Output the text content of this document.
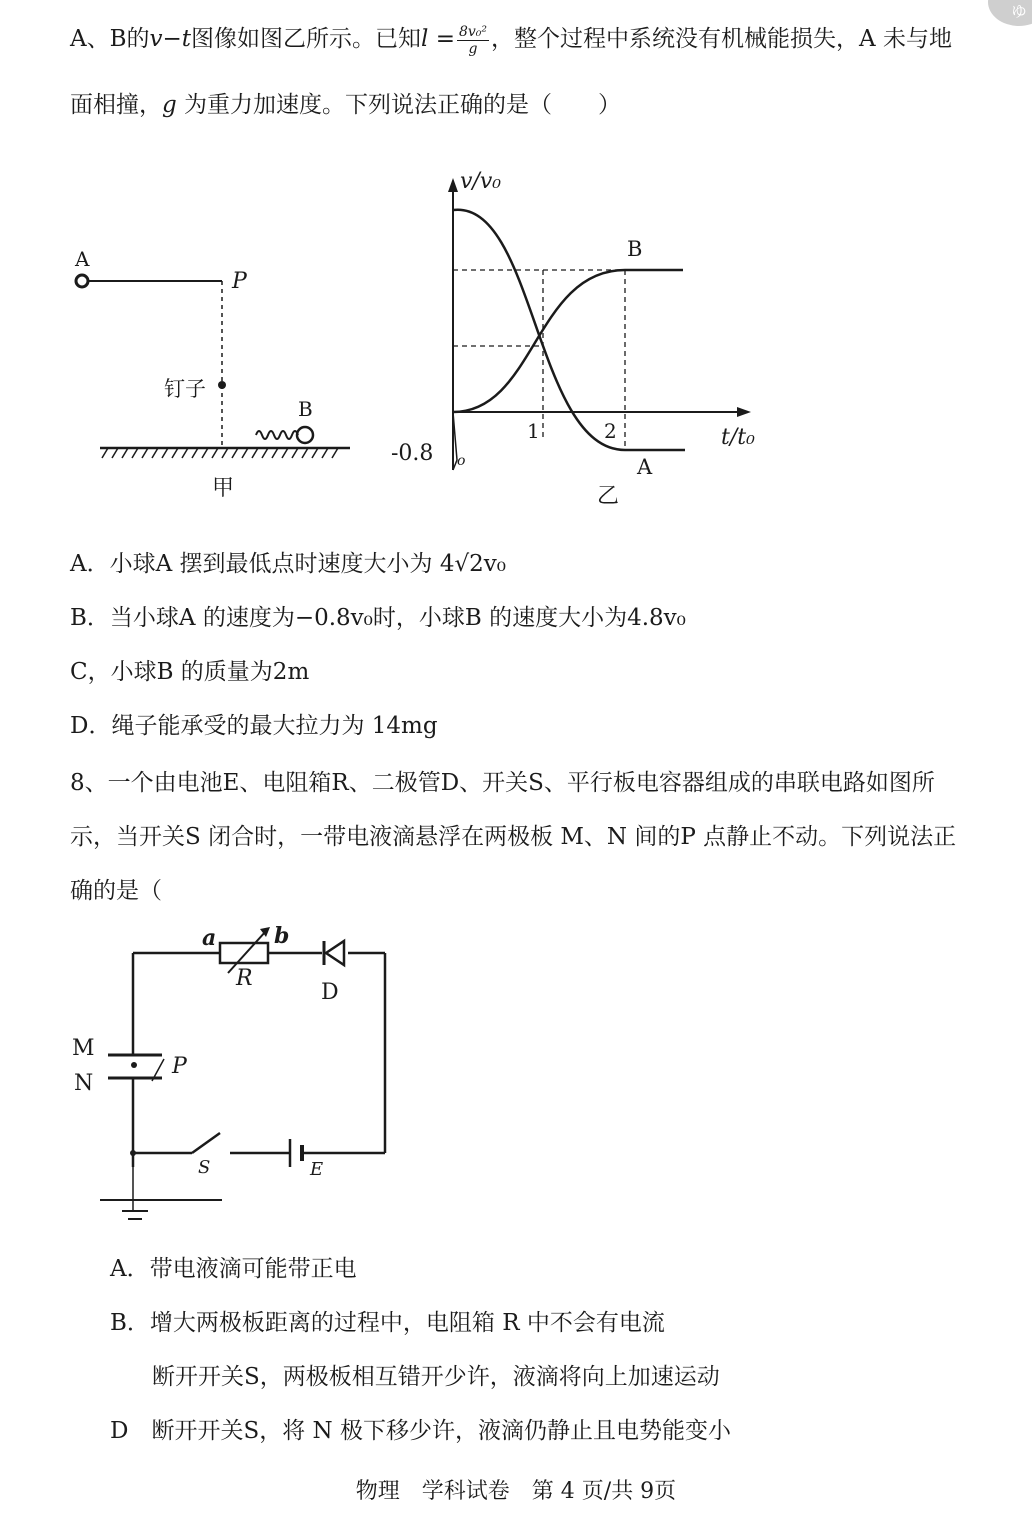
ゅ
A、B的v−t图像如图乙所示。已知$l = \frac{\text{8v₀²}}{g}$ ，整个过程中系统没有机械能损失，A 未与地
面相撞，g 为重力加速度。下列说法正确的是（　　）
A
P
钉子
B
甲
v/v₀
t/t₀
1	2
-0.8 o
B
A
乙
A．小球A 摆到最低点时速度大小为 4√2v₀
B．当小球A 的速度为−0.8v₀时，小球B 的速度大小为4.8v₀
C，小球B 的质量为2m
D．绳子能承受的最大拉力为 14mg
8、一个由电池E、电阻箱R、二极管D、开关S、平行板电容器组成的串联电路如图所
示，当开关S 闭合时，一带电液滴悬浮在两极板 M、N 间的P 点静止不动。下列说法正
确的是（
a	b
R
D
M
N
P
S	E
A．带电液滴可能带正电
B．增大两极板距离的过程中，电阻箱 R 中不会有电流
断开开关S，两极板相互错开少许，液滴将向上加速运动
D　断开开关S，将 N 极下移少许，液滴仍静止且电势能变小
物理　学科试卷　第 4 页/共 9页
